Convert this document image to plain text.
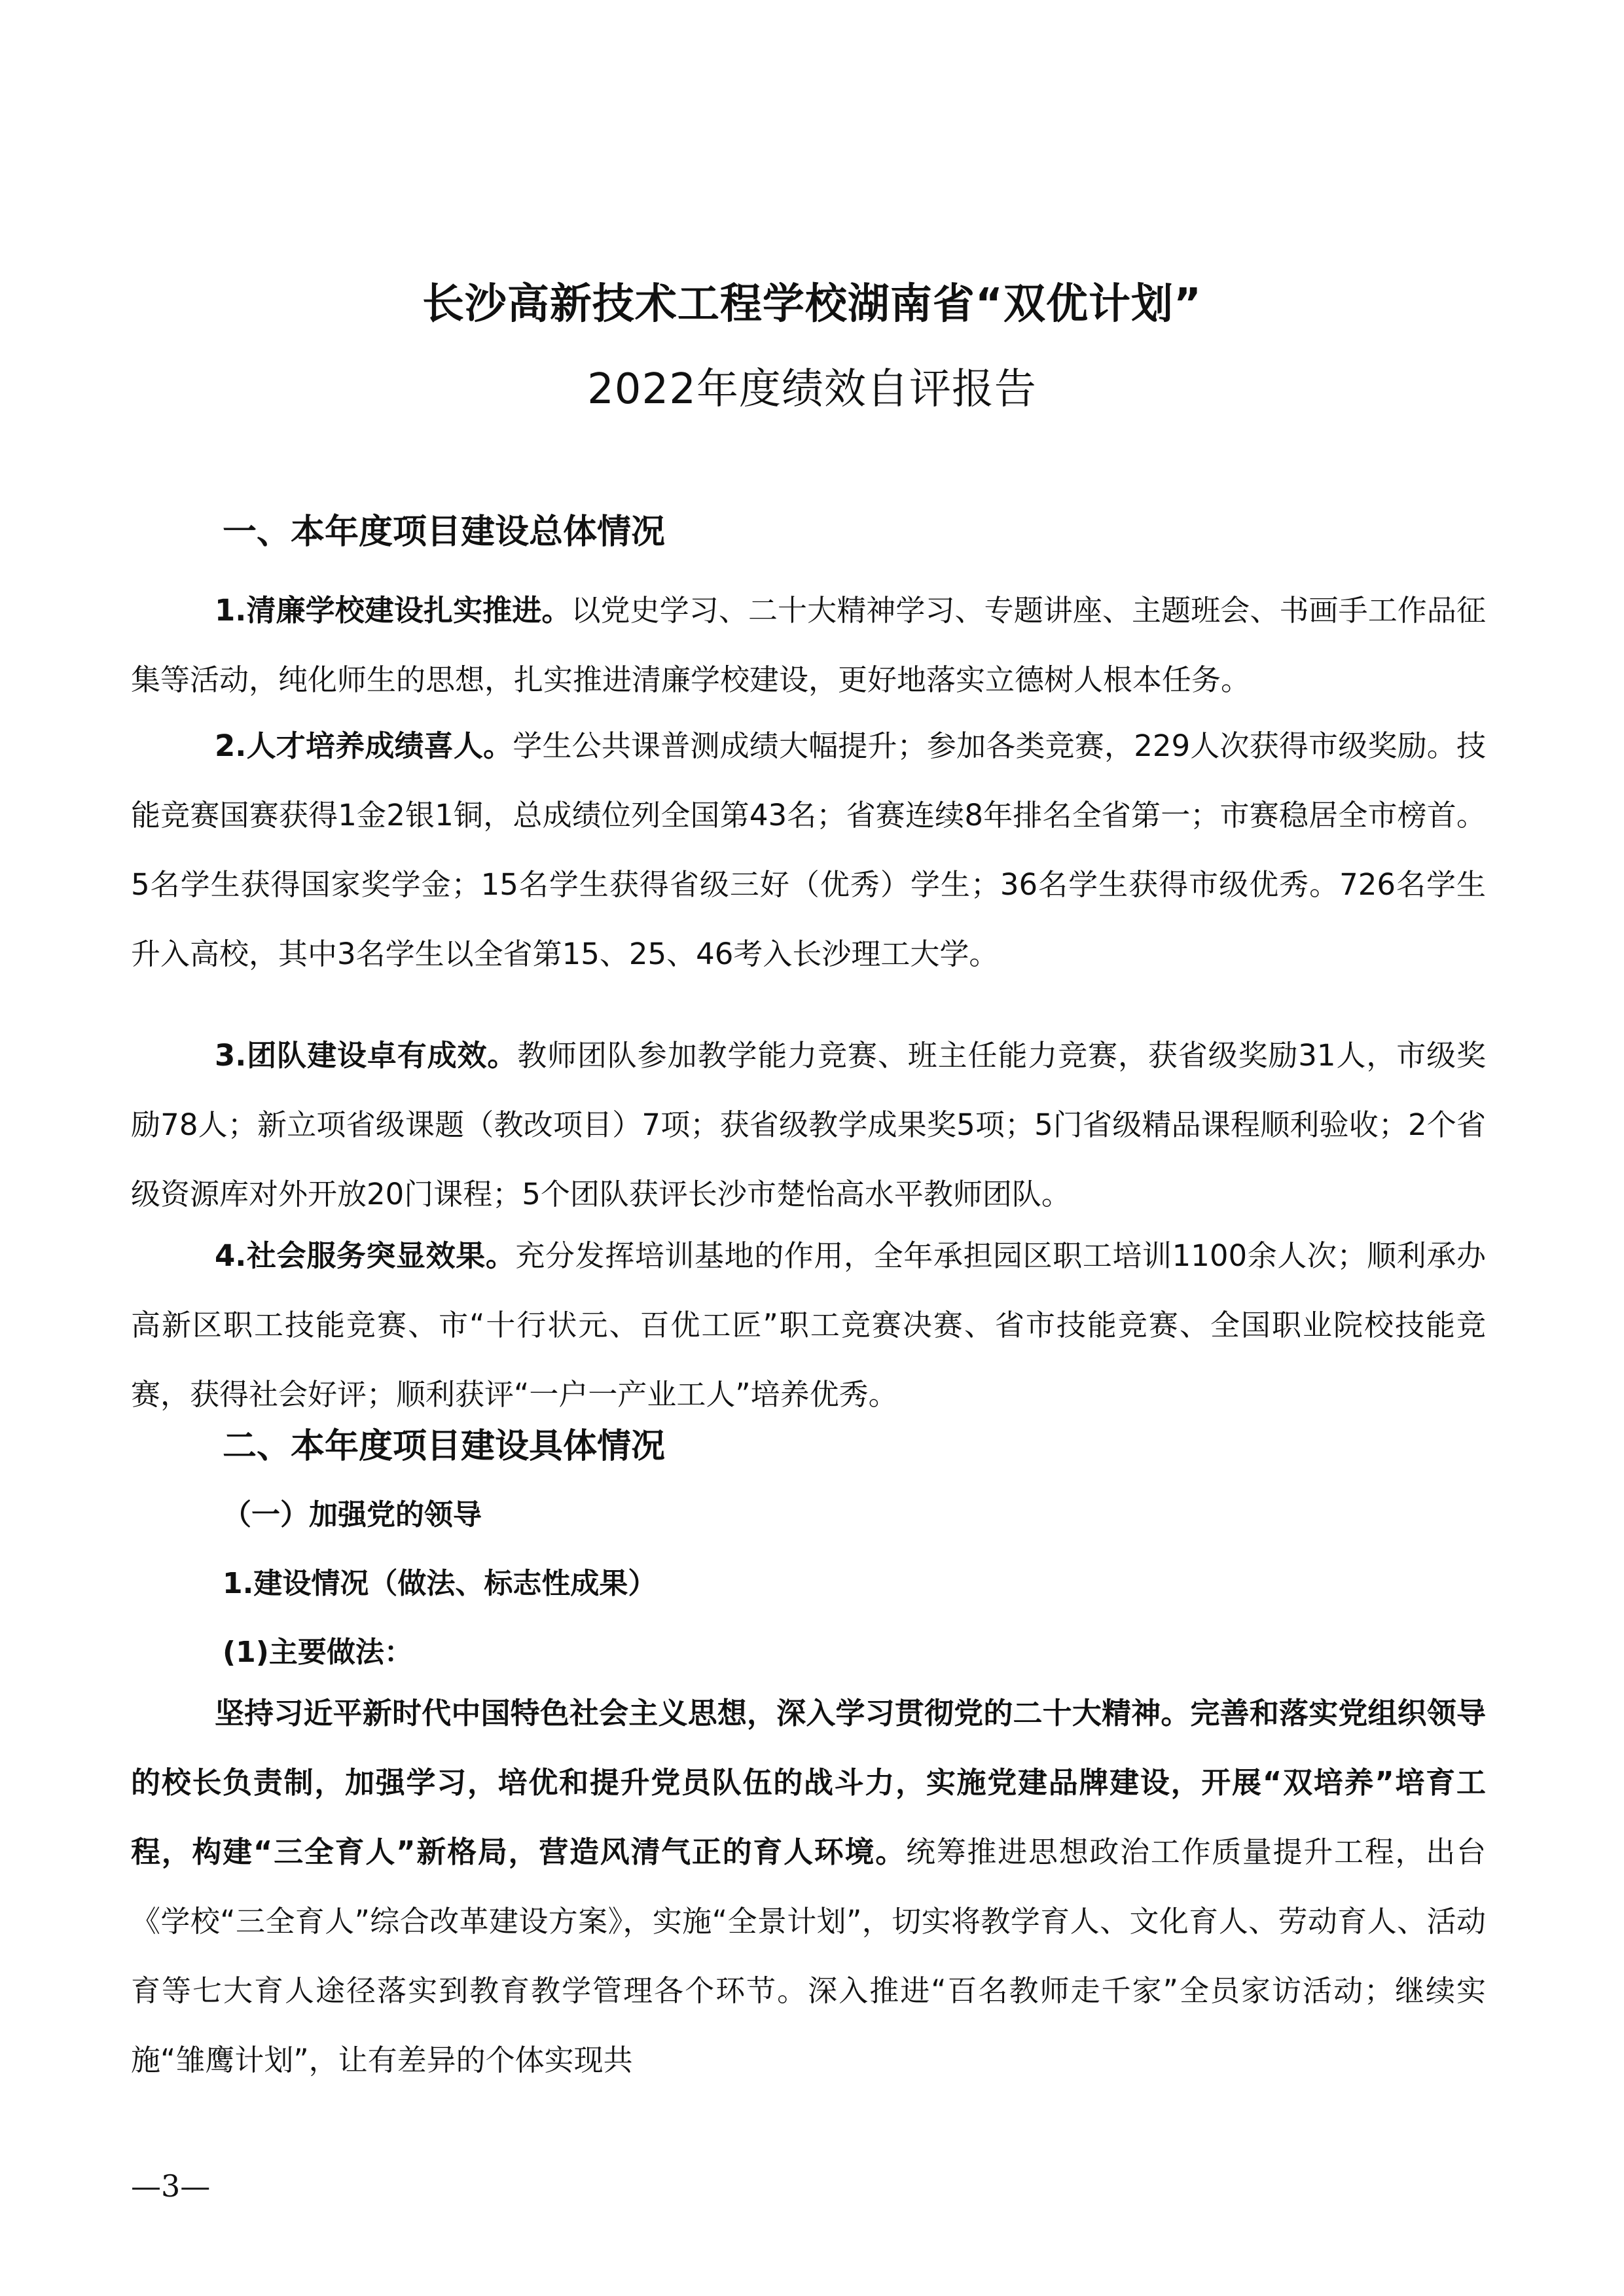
长沙高新技术工程学校湖南省“双优计划”
2022年度绩效自评报告
一、本年度项目建设总体情况

1.清廉学校建设扎实推进。以党史学习、二十大精神学习、专题讲座、主题班会、书画手工作品征集等活动，纯化师生的思想，扎实推进清廉学校建设，更好地落实立德树人根本任务。

2.人才培养成绩喜人。学生公共课普测成绩大幅提升；参加各类竞赛，229人次获得市级奖励。技能竞赛国赛获得1金2银1铜，总成绩位列全国第43名；省赛连续8年排名全省第一；市赛稳居全市榜首。5名学生获得国家奖学金；15名学生获得省级三好（优秀）学生；36名学生获得市级优秀。726名学生升入高校，其中3名学生以全省第15、25、46考入长沙理工大学。

3.团队建设卓有成效。教师团队参加教学能力竞赛、班主任能力竞赛，获省级奖励31人，市级奖励78人；新立项省级课题（教改项目）7项；获省级教学成果奖5项；5门省级精品课程顺利验收；2个省级资源库对外开放20门课程；5个团队获评长沙市楚怡高水平教师团队。

4.社会服务突显效果。充分发挥培训基地的作用，全年承担园区职工培训1100余人次；顺利承办高新区职工技能竞赛、市“十行状元、百优工匠”职工竞赛决赛、省市技能竞赛、全国职业院校技能竞赛，获得社会好评；顺利获评“一户一产业工人”培养优秀。

二、本年度项目建设具体情况
（一）加强党的领导
1.建设情况（做法、标志性成果）
(1)主要做法：

坚持习近平新时代中国特色社会主义思想，深入学习贯彻党的二十大精神。完善和落实党组织领导的校长负责制，加强学习，培优和提升党员队伍的战斗力，实施党建品牌建设，开展“双培养”培育工程，构建“三全育人”新格局，营造风清气正的育人环境。统筹推进思想政治工作质量提升工程，出台《学校“三全育人”综合改革建设方案》，实施“全景计划”，切实将教学育人、文化育人、劳动育人、活动育等七大育人途径落实到教育教学管理各个环节。深入推进“百名教师走千家”全员家访活动；继续实施“雏鹰计划”，让有差异的个体实现共

—3—
